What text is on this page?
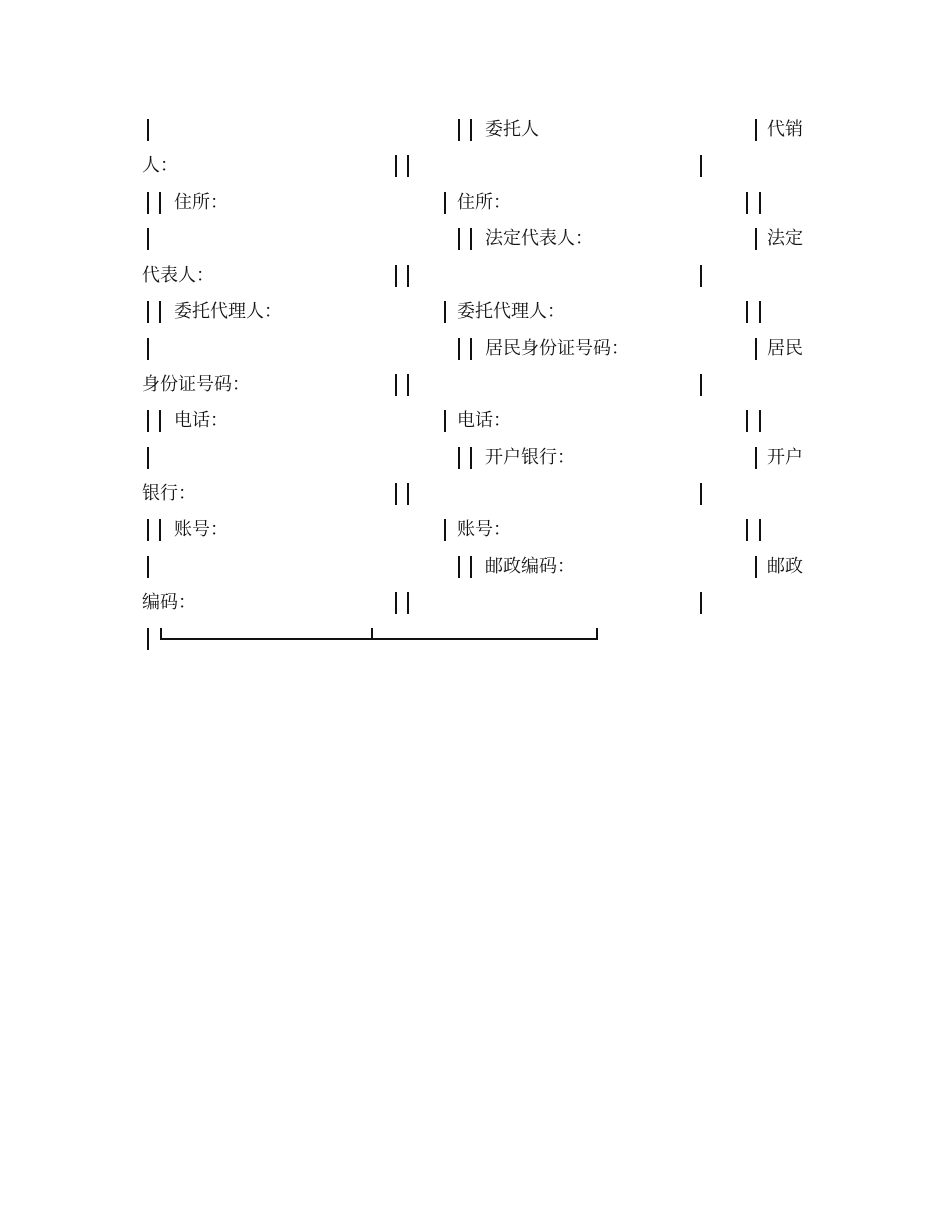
委托人	代销
人：
住所：	住所：
法定代表人：	法定
代表人：
委托代理人：	委托代理人：
居民身份证号码：	居民
身份证号码：
电话：	电话：
开户银行：	开户
银行：
账号：	账号：
邮政编码：	邮政
编码：
